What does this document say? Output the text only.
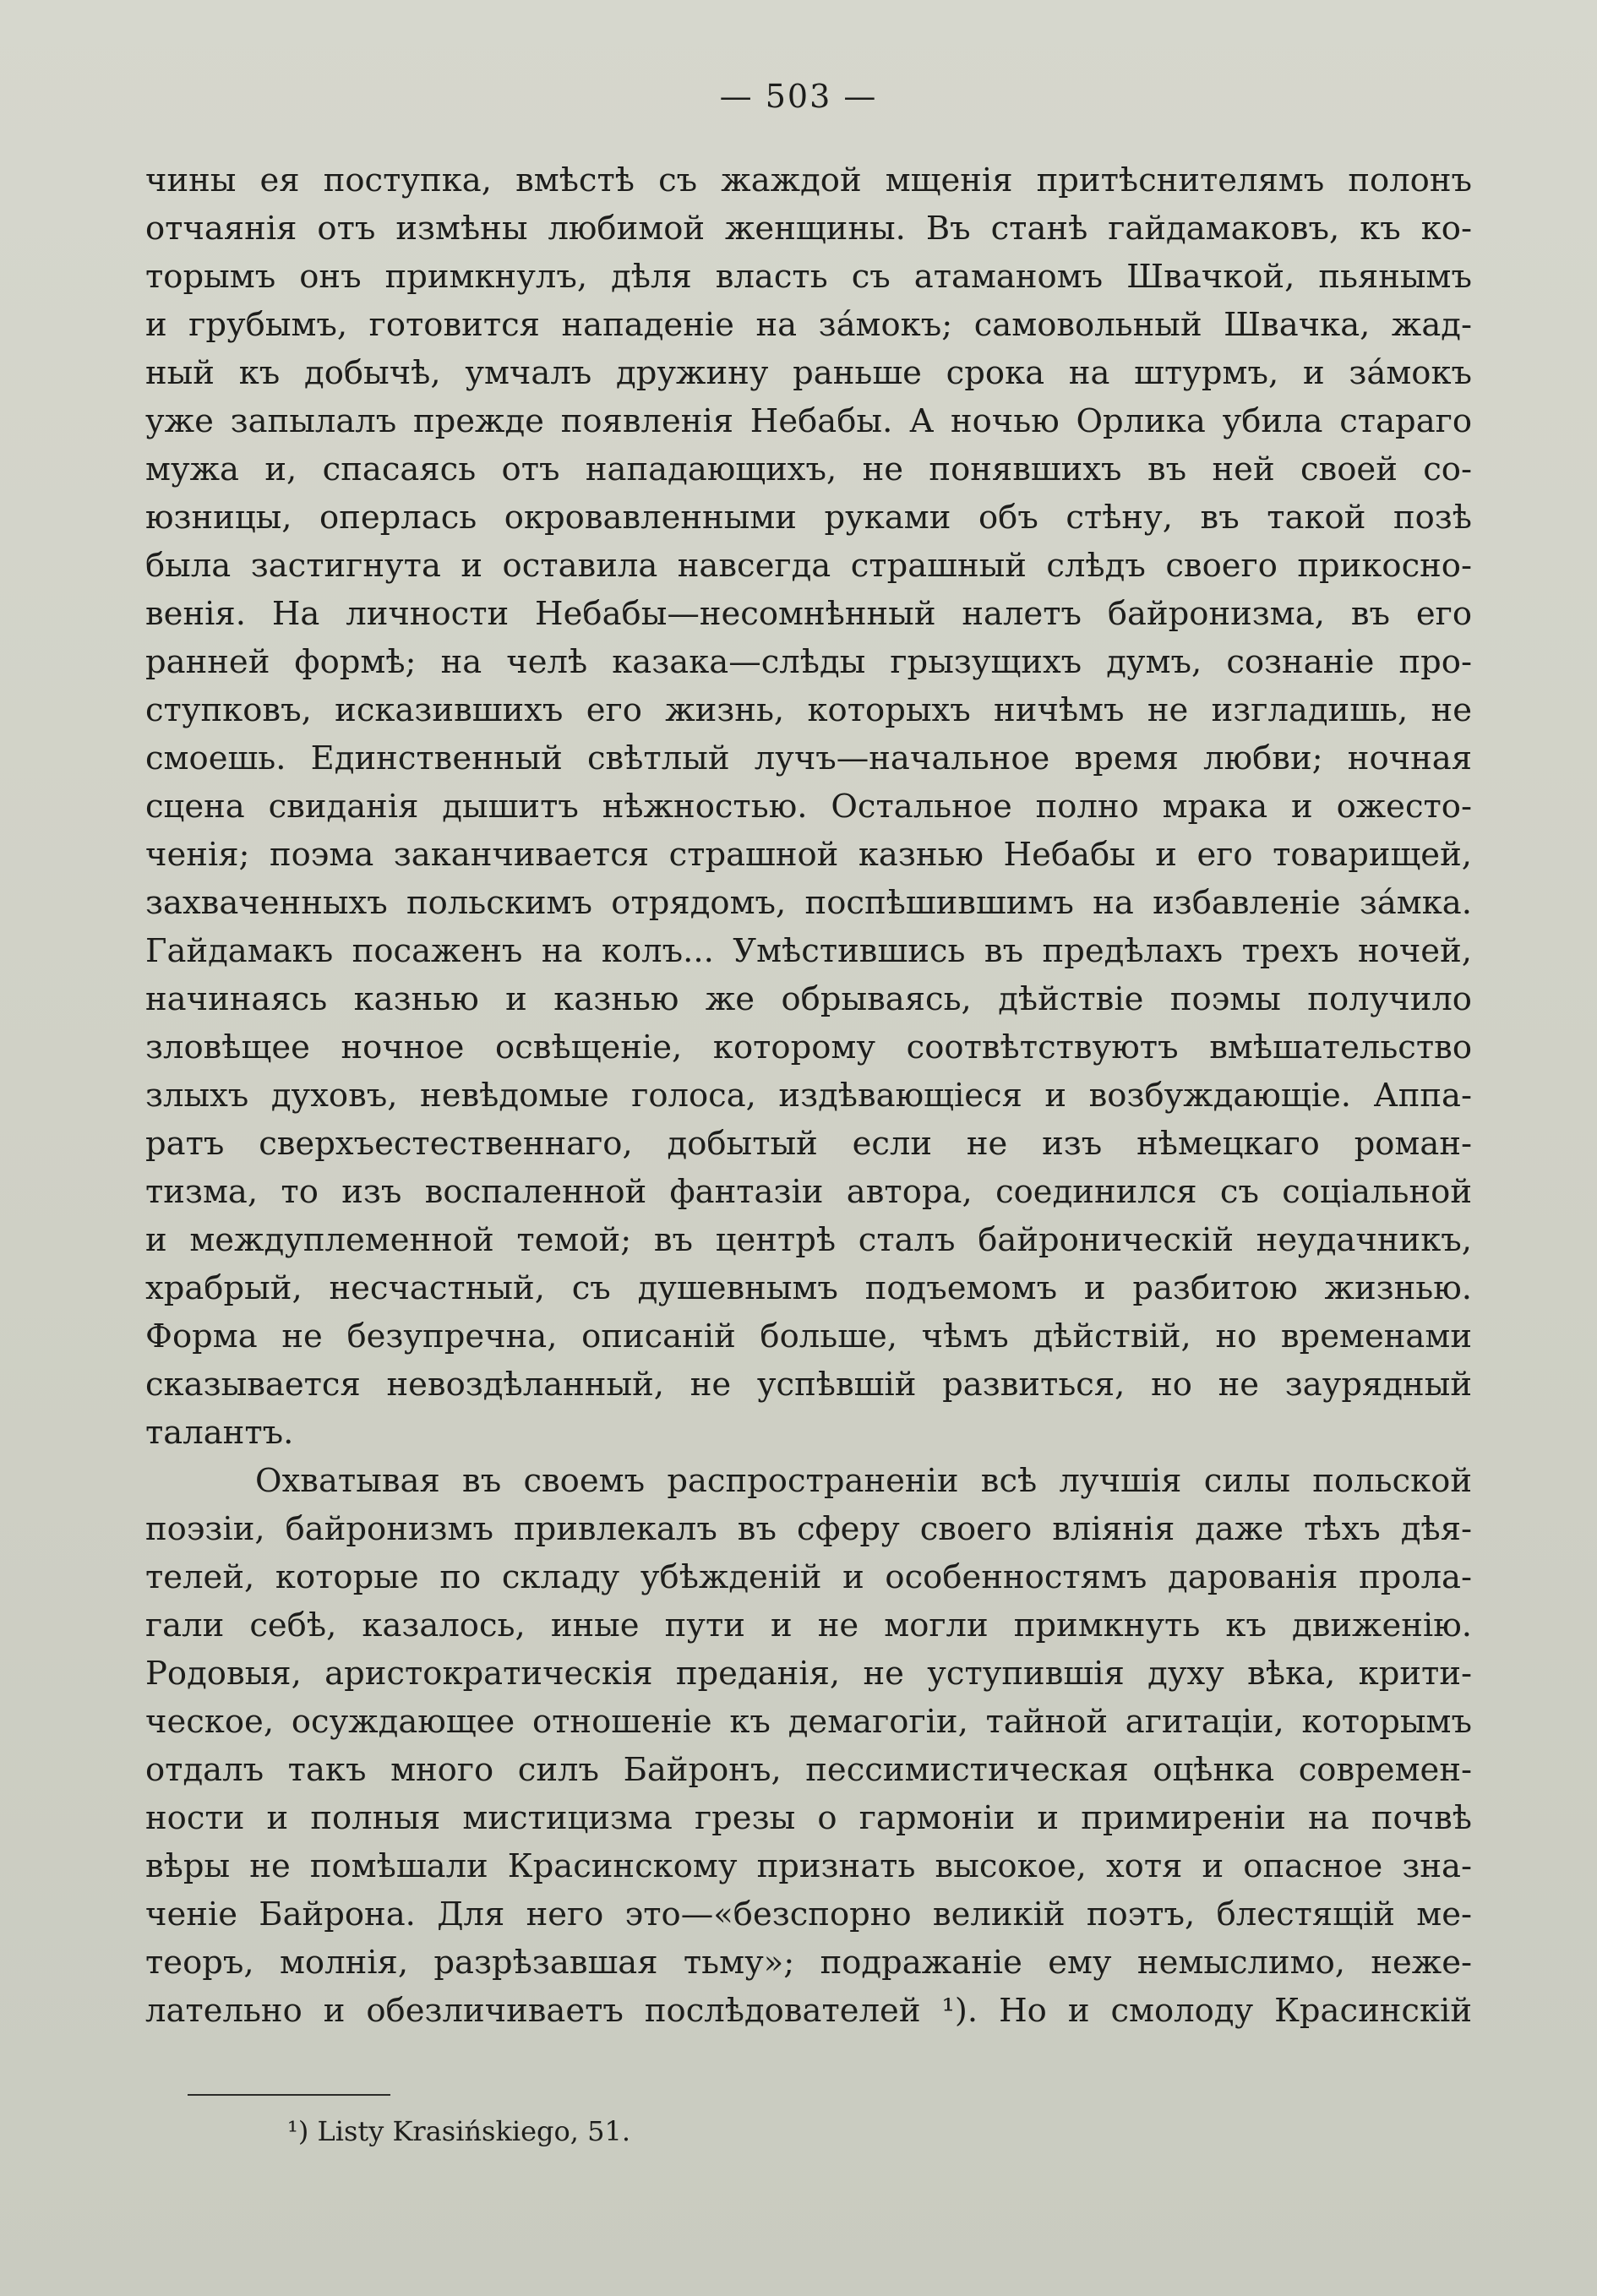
— 503 —
чины ея поступка, вмѣстѣ съ жаждой мщенія притѣснителямъ полонъ
отчаянія отъ измѣны любимой женщины. Въ станѣ гайдамаковъ, къ ко-
торымъ онъ примкнулъ, дѣля власть съ атаманомъ Швачкой, пьянымъ
и грубымъ, готовится нападеніе на зáмокъ; самовольный Швачка, жад-
ный къ добычѣ, умчалъ дружину раньше срока на штурмъ, и зáмокъ
уже запылалъ прежде появленія Небабы. А ночью Орлика убила стараго
мужа и, спасаясь отъ нападающихъ, не понявшихъ въ ней своей со-
юзницы, оперлась окровавленными руками объ стѣну, въ такой позѣ
была застигнута и оставила навсегда страшный слѣдъ своего прикосно-
венія. На личности Небабы—несомнѣнный налетъ байронизма, въ его
ранней формѣ; на челѣ казака—слѣды грызущихъ думъ, сознаніе про-
ступковъ, исказившихъ его жизнь, которыхъ ничѣмъ не изгладишь, не
смоешь. Единственный свѣтлый лучъ—начальное время любви; ночная
сцена свиданія дышитъ нѣжностью. Остальное полно мрака и ожесто-
ченія; поэма заканчивается страшной казнью Небабы и его товарищей,
захваченныхъ польскимъ отрядомъ, поспѣшившимъ на избавленіе зáмка.
Гайдамакъ посаженъ на колъ... Умѣстившись въ предѣлахъ трехъ ночей,
начинаясь казнью и казнью же обрываясь, дѣйствіе поэмы получило
зловѣщее ночное освѣщеніе, которому соотвѣтствуютъ вмѣшательство
злыхъ духовъ, невѣдомые голоса, издѣвающіеся и возбуждающіе. Аппа-
ратъ сверхъестественнаго, добытый если не изъ нѣмецкаго роман-
тизма, то изъ воспаленной фантазіи автора, соединился съ соціальной
и междуплеменной темой; въ центрѣ сталъ байроническій неудачникъ,
храбрый, несчастный, съ душевнымъ подъемомъ и разбитою жизнью.
Форма не безупречна, описаній больше, чѣмъ дѣйствій, но временами
сказывается невоздѣланный, не успѣвшій развиться, но не заурядный
талантъ.
Охватывая въ своемъ распространеніи всѣ лучшія силы польской
поэзіи, байронизмъ привлекалъ въ сферу своего вліянія даже тѣхъ дѣя-
телей, которые по складу убѣжденій и особенностямъ дарованія прола-
гали себѣ, казалось, иные пути и не могли примкнуть къ движенію.
Родовыя, аристократическія преданія, не уступившія духу вѣка, крити-
ческое, осуждающее отношеніе къ демагогіи, тайной агитаціи, которымъ
отдалъ такъ много силъ Байронъ, пессимистическая оцѣнка современ-
ности и полныя мистицизма грезы о гармоніи и примиреніи на почвѣ
вѣры не помѣшали Красинскому признать высокое, хотя и опасное зна-
ченіе Байрона. Для него это—«безспорно великій поэтъ, блестящій ме-
теоръ, молнія, разрѣзавшая тьму»; подражаніе ему немыслимо, неже-
лательно и обезличиваетъ послѣдователей ¹). Но и смолоду Красинскій
¹) Listy Krasińskiego, 51.
